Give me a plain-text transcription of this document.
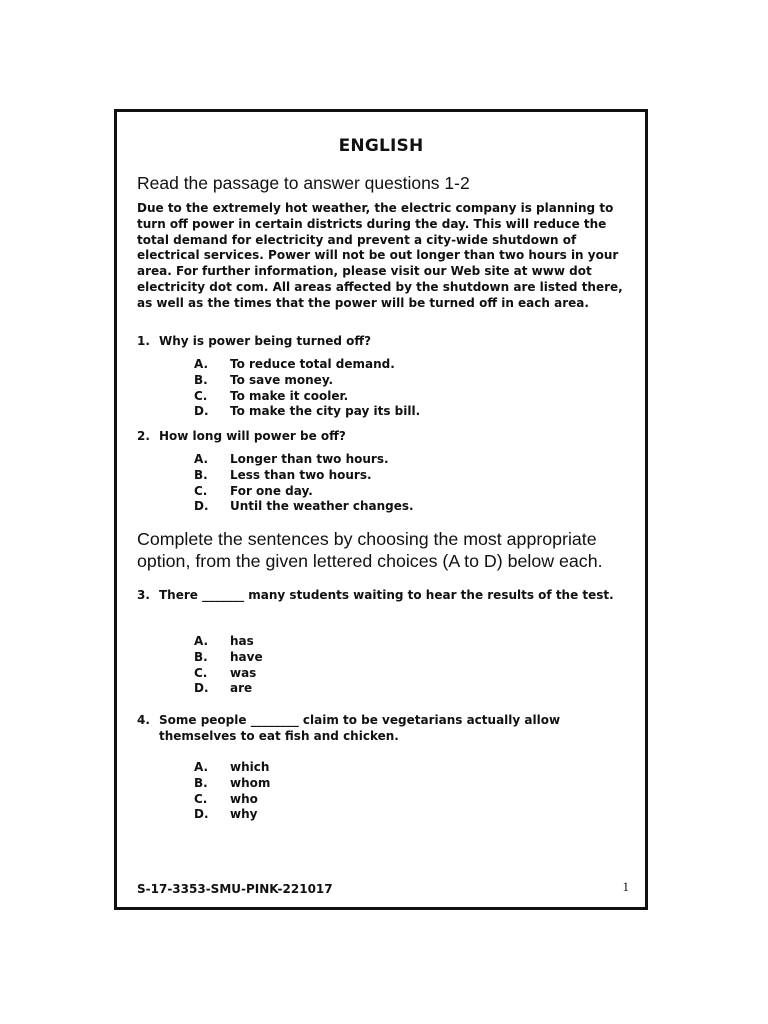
ENGLISH
Read the passage to answer questions 1-2

Due to the extremely hot weather, the electric company is planning to turn off power in certain districts during the day. This will reduce the total demand for electricity and prevent a city-wide shutdown of electrical services. Power will not be out longer than two hours in your area. For further information, please visit our Web site at www dot electricity dot com. All areas affected by the shutdown are listed there, as well as the times that the power will be turned off in each area.

1. Why is power being turned off?
A.	To reduce total demand.
B.	To save money.
C.	To make it cooler.
D.	To make the city pay its bill.
2. How long will power be off?
A.	Longer than two hours.
B.	Less than two hours.
C.	For one day.
D.	Until the weather changes.
Complete the sentences by choosing the most appropriate option, from the given lettered choices (A to D) below each.
3. There _______ many students waiting to hear the results of the test.
A.	has
B.	have
C.	was
D.	are
4. Some people ________ claim to be vegetarians actually allow themselves to eat fish and chicken.
A.	which
B.	whom
C.	who
D.	why
S-17-3353-SMU-PINK-221017	1
